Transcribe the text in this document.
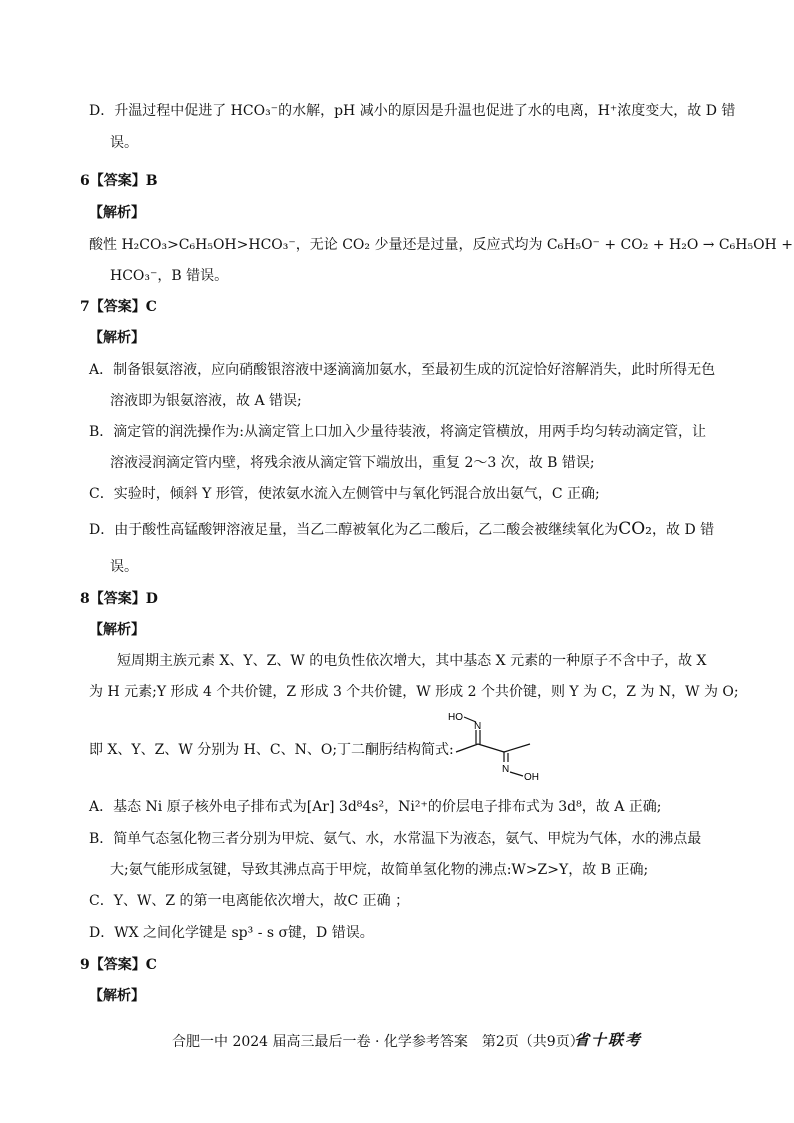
D．升温过程中促进了 HCO₃⁻的水解，pH 减小的原因是升温也促进了水的电离，H⁺浓度变大，故 D 错
误。
6【答案】B
【解析】
酸性 H₂CO₃>C₆H₅OH>HCO₃⁻，无论 CO₂ 少量还是过量，反应式均为 C₆H₅O⁻ + CO₂ + H₂O → C₆H₅OH +
HCO₃⁻，B 错误。
7【答案】C
【解析】
A．制备银氨溶液，应向硝酸银溶液中逐滴滴加氨水，至最初生成的沉淀恰好溶解消失，此时所得无色
溶液即为银氨溶液，故 A 错误;
B．滴定管的润洗操作为:从滴定管上口加入少量待装液，将滴定管横放，用两手均匀转动滴定管，让
溶液浸润滴定管内壁，将残余液从滴定管下端放出，重复 2～3 次，故 B 错误;
C．实验时，倾斜 Y 形管，使浓氨水流入左侧管中与氧化钙混合放出氨气，C 正确;
D．由于酸性高锰酸钾溶液足量，当乙二醇被氧化为乙二酸后，乙二酸会被继续氧化为CO₂，故 D 错
误。
8【答案】D
【解析】
短周期主族元素 X、Y、Z、W 的电负性依次增大，其中基态 X 元素的一种原子不含中子，故 X
为 H 元素;Y 形成 4 个共价键，Z 形成 3 个共价键，W 形成 2 个共价键，则 Y 为 C，Z 为 N，W 为 O;
即 X、Y、Z、W 分别为 H、C、N、O;丁二酮肟结构简式:
HO
N
N
OH
A．基态 Ni 原子核外电子排布式为[Ar] 3d⁸4s²，Ni²⁺的价层电子排布式为 3d⁸，故 A 正确;
B．简单气态氢化物三者分别为甲烷、氨气、水，水常温下为液态，氨气、甲烷为气体，水的沸点最
大;氨气能形成氢键，导致其沸点高于甲烷，故简单氢化物的沸点:W>Z>Y，故 B 正确;
C．Y、W、Z 的第一电离能依次增大，故C 正确 ；
D．WX 之间化学键是 sp³ - s σ键，D 错误。
9【答案】C
【解析】
合肥一中 2024 届高三最后一卷 · 化学参考答案　第2页（共9页）
省十联考
